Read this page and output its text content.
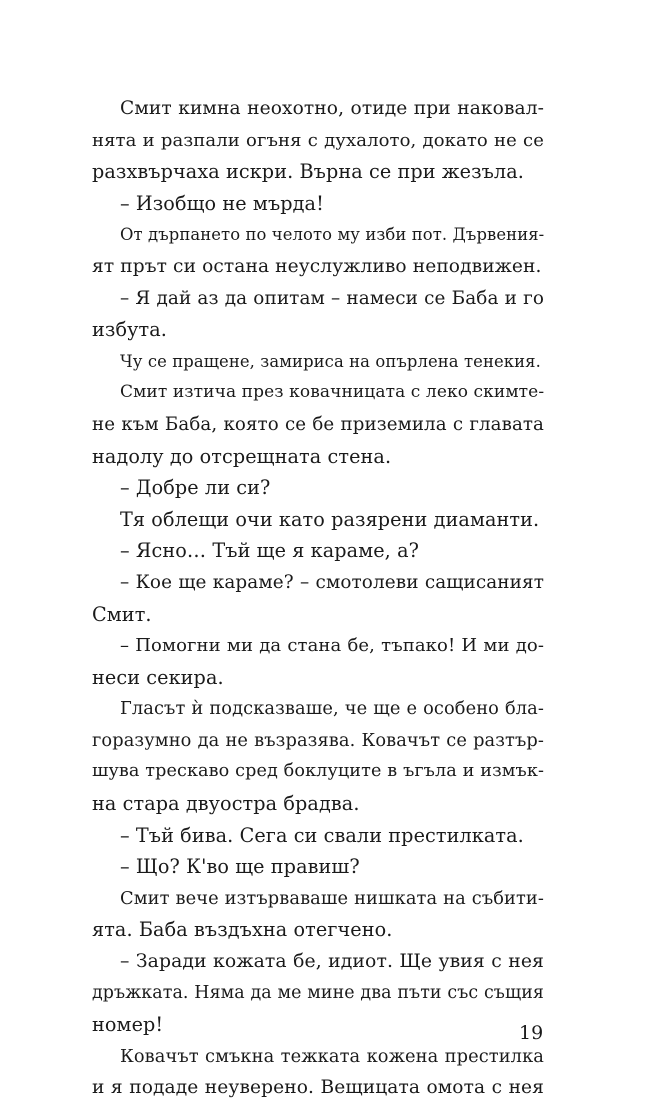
Смит кимна неохотно, отиде при наковал-
нята и разпали огъня с духалото, докато не се
разхвърчаха искри. Върна се при жезъла.
– Изобщо не мърда!
От дърпането по челото му изби пот. Дървения-
ят прът си остана неуслужливо неподвижен.
– Я дай аз да опитам – намеси се Баба и го
избута.
Чу се пращене, замириса на опърлена тенекия.
Смит изтича през ковачницата с леко скимте-
не към Баба, която се бе приземила с главата
надолу до отсрещната стена.
– Добре ли си?
Тя облещи очи като разярени диаманти.
– Ясно… Тъй ще я караме, а?
– Кое ще караме? – смотолеви сащисаният
Смит.
– Помогни ми да стана бе, тъпако! И ми до-
неси секира.
Гласът ѝ подсказваше, че ще е особено бла-
горазумно да не възразява. Ковачът се разтър-
шува трескаво сред боклуците в ъгъла и измък-
на стара двуостра брадва.
– Тъй бива. Сега си свали престилката.
– Що? К'во ще правиш?
Смит вече изтърваваше нишката на събити-
ята. Баба въздъхна отегчено.
– Заради кожата бе, идиот. Ще увия с нея
дръжката. Няма да ме мине два пъти със същия
номер!
Ковачът смъкна тежката кожена престилка
и я подаде неуверено. Вещицата омота с нея
19
